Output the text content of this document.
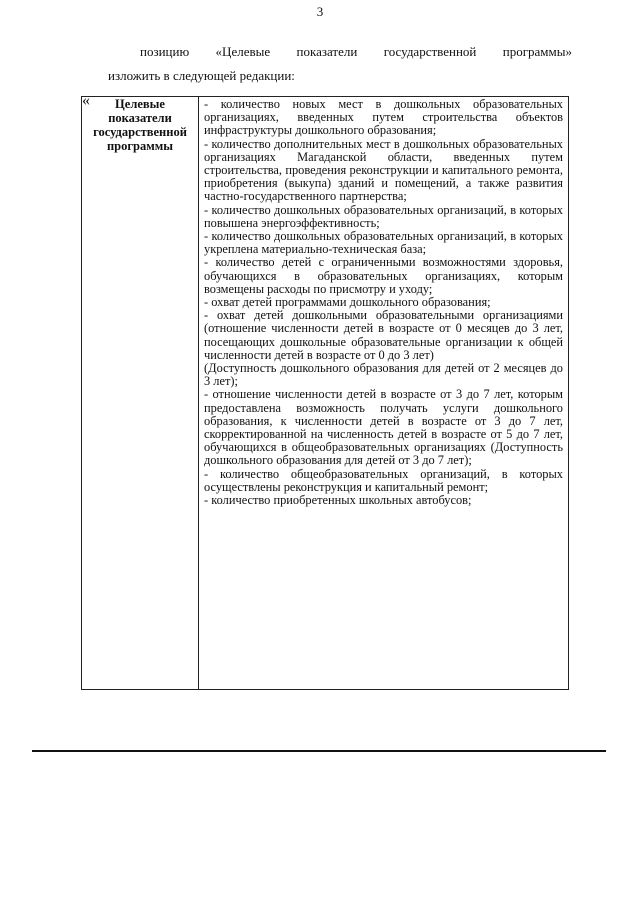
3
позицию «Целевые показатели государственной программы»
изложить в следующей редакции:
«	Целевые
показатели
государственной
программы

- количество новых мест в дошкольных образовательных организациях, введенных путем строительства объектов инфраструктуры дошкольного образования;

- количество дополнительных мест в дошкольных образовательных организациях Магаданской области, введенных путем строительства, проведения реконструкции и капитального ремонта, приобретения (выкупа) зданий и помещений, а также развития частно-государственного партнерства;

- количество дошкольных образовательных организаций, в которых повышена энергоэффективность;

- количество дошкольных образовательных организаций, в которых укреплена материально-техническая база;

- количество детей с ограниченными возможностями здоровья, обучающихся в образовательных организациях, которым возмещены расходы по присмотру и уходу;

- охват детей программами дошкольного образования;

- охват детей дошкольными образовательными организациями (отношение численности детей в возрасте от 0 месяцев до 3 лет, посещающих дошкольные образовательные организации к общей численности детей в возрасте от 0 до 3 лет)

(Доступность дошкольного образования для детей от 2 месяцев до 3 лет);

- отношение численности детей в возрасте от 3 до 7 лет, которым предоставлена возможность получать услуги дошкольного образования, к численности детей в возрасте от 3 до 7 лет, скорректированной на численность детей в возрасте от 5 до 7 лет, обучающихся в общеобразовательных организациях (Доступность дошкольного образования для детей от 3 до 7 лет);

- количество общеобразовательных организаций, в которых осуществлены реконструкция и капитальный ремонт;

- количество приобретенных школьных автобусов;
